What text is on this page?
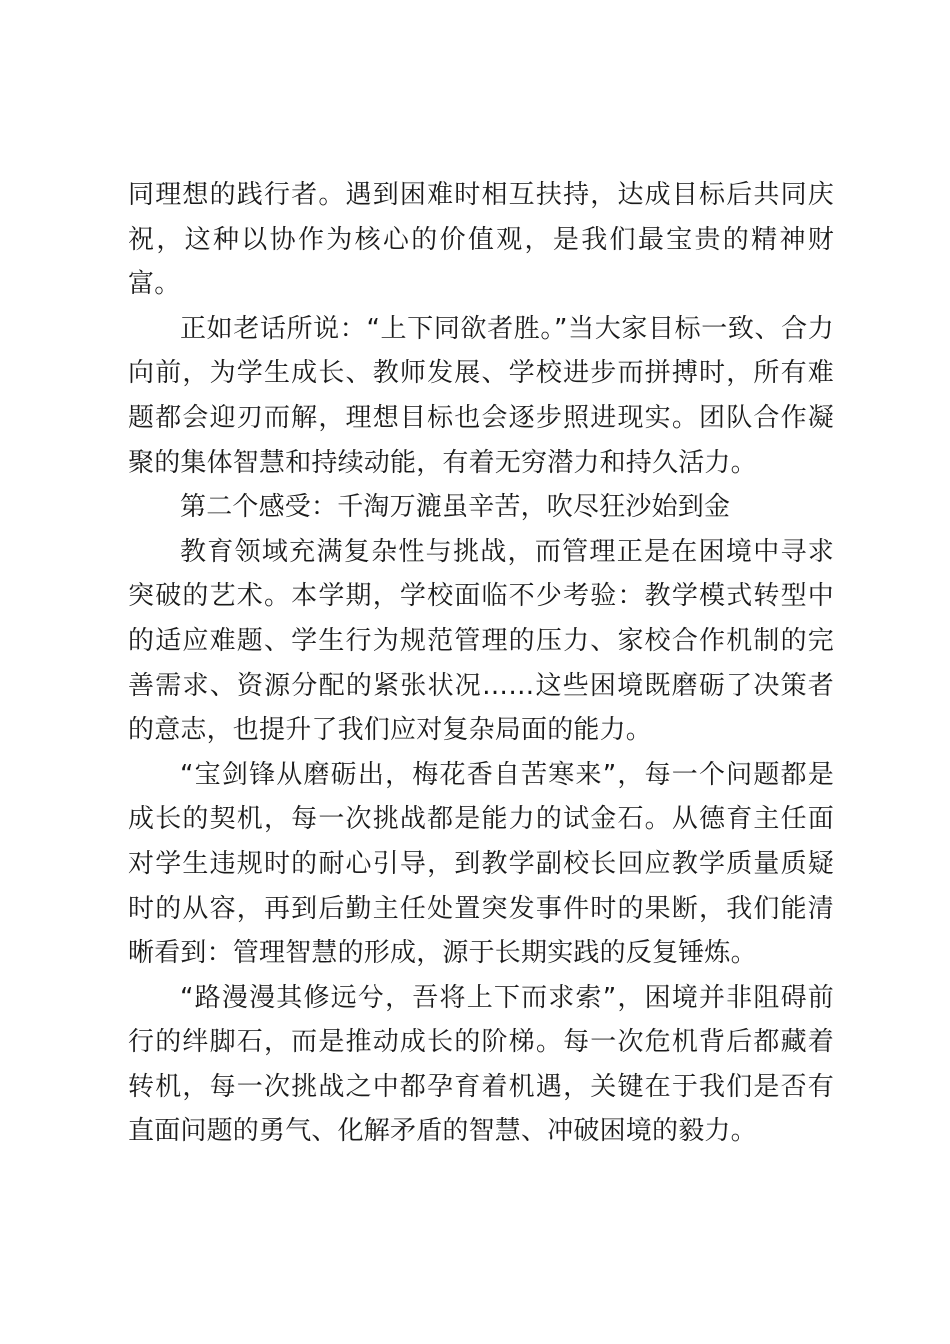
同理想的践行者。遇到困难时相互扶持，达成目标后共同庆祝，这种以协作为核心的价值观，是我们最宝贵的精神财富。

正如老话所说：“上下同欲者胜。”当大家目标一致、合力向前，为学生成长、教师发展、学校进步而拼搏时，所有难题都会迎刃而解，理想目标也会逐步照进现实。团队合作凝聚的集体智慧和持续动能，有着无穷潜力和持久活力。

第二个感受：千淘万漉虽辛苦，吹尽狂沙始到金

教育领域充满复杂性与挑战，而管理正是在困境中寻求突破的艺术。本学期，学校面临不少考验：教学模式转型中的适应难题、学生行为规范管理的压力、家校合作机制的完善需求、资源分配的紧张状况……这些困境既磨砺了决策者的意志，也提升了我们应对复杂局面的能力。

“宝剑锋从磨砺出，梅花香自苦寒来”，每一个问题都是成长的契机，每一次挑战都是能力的试金石。从德育主任面对学生违规时的耐心引导，到教学副校长回应教学质量质疑时的从容，再到后勤主任处置突发事件时的果断，我们能清晰看到：管理智慧的形成，源于长期实践的反复锤炼。

“路漫漫其修远兮，吾将上下而求索”，困境并非阻碍前行的绊脚石，而是推动成长的阶梯。每一次危机背后都藏着转机，每一次挑战之中都孕育着机遇，关键在于我们是否有直面问题的勇气、化解矛盾的智慧、冲破困境的毅力。
